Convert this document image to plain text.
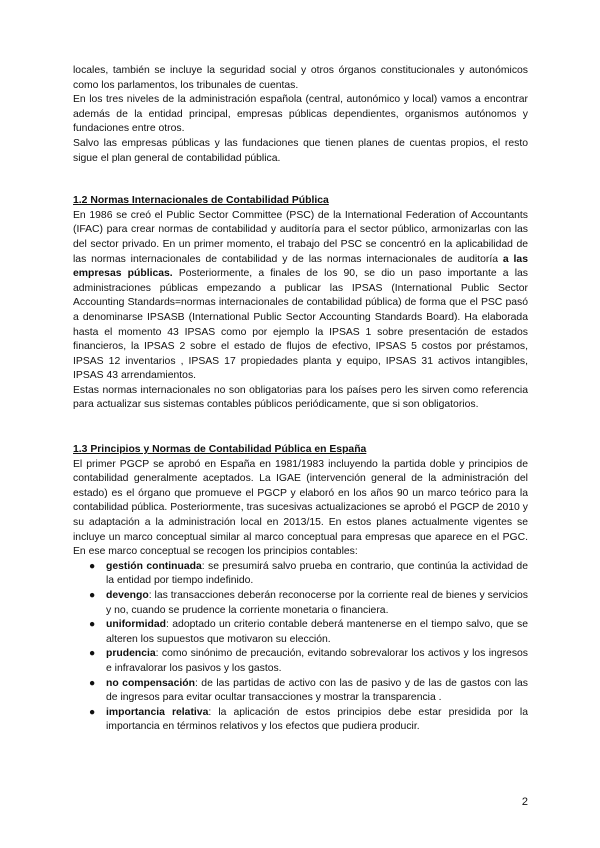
locales, también se incluye la seguridad social y otros órganos constitucionales y autonómicos como los parlamentos, los tribunales de cuentas.

En los tres niveles de la administración española (central, autonómico y local) vamos a encontrar además de la entidad principal, empresas públicas dependientes, organismos autónomos y fundaciones entre otros.

Salvo las empresas públicas y las fundaciones que tienen planes de cuentas propios, el resto sigue el plan general de contabilidad pública.

1.2 Normas Internacionales de Contabilidad Pública

En 1986 se creó el Public Sector Committee (PSC) de la International Federation of Accountants (IFAC) para crear normas de contabilidad y auditoría para el sector público, armonizarlas con las del sector privado. En un primer momento, el trabajo del PSC se concentró en la aplicabilidad de las normas internacionales de contabilidad y de las normas internacionales de auditoría a las empresas públicas. Posteriormente, a finales de los 90, se dio un paso importante a las administraciones públicas empezando a publicar las IPSAS (International Public Sector Accounting Standards=normas internacionales de contabilidad pública) de forma que el PSC pasó a denominarse IPSASB (International Public Sector Accounting Standards Board). Ha elaborada hasta el momento 43 IPSAS como por ejemplo la IPSAS 1 sobre presentación de estados financieros, la IPSAS 2 sobre el estado de flujos de efectivo, IPSAS 5 costos por préstamos, IPSAS 12 inventarios , IPSAS 17 propiedades planta y equipo, IPSAS 31 activos intangibles, IPSAS 43 arrendamientos.

Estas normas internacionales no son obligatorias para los países pero les sirven como referencia para actualizar sus sistemas contables públicos periódicamente, que si son obligatorios.

1.3 Principios y Normas de Contabilidad Pública en España

El primer PGCP se aprobó en España en 1981/1983 incluyendo la partida doble y principios de contabilidad generalmente aceptados. La IGAE (intervención general de la administración del estado) es el órgano que promueve el PGCP y elaboró en los años 90 un marco teórico para la contabilidad pública. Posteriormente, tras sucesivas actualizaciones se aprobó el PGCP de 2010 y su adaptación a la administración local en 2013/15. En estos planes actualmente vigentes se incluye un marco conceptual similar al marco conceptual para empresas que aparece en el PGC. En ese marco conceptual se recogen los principios contables:

● gestión continuada: se presumirá salvo prueba en contrario, que continúa la actividad de la entidad por tiempo indefinido.
● devengo: las transacciones deberán reconocerse por la corriente real de bienes y servicios y no, cuando se prudence la corriente monetaria o financiera.
● uniformidad: adoptado un criterio contable deberá mantenerse en el tiempo salvo, que se alteren los supuestos que motivaron su elección.
● prudencia: como sinónimo de precaución, evitando sobrevalorar los activos y los ingresos e infravalorar los pasivos y los gastos.
● no compensación: de las partidas de activo con las de pasivo y de las de gastos con las de ingresos para evitar ocultar transacciones y mostrar la transparencia .
● importancia relativa: la aplicación de estos principios debe estar presidida por la importancia en términos relativos y los efectos que pudiera producir.
2
